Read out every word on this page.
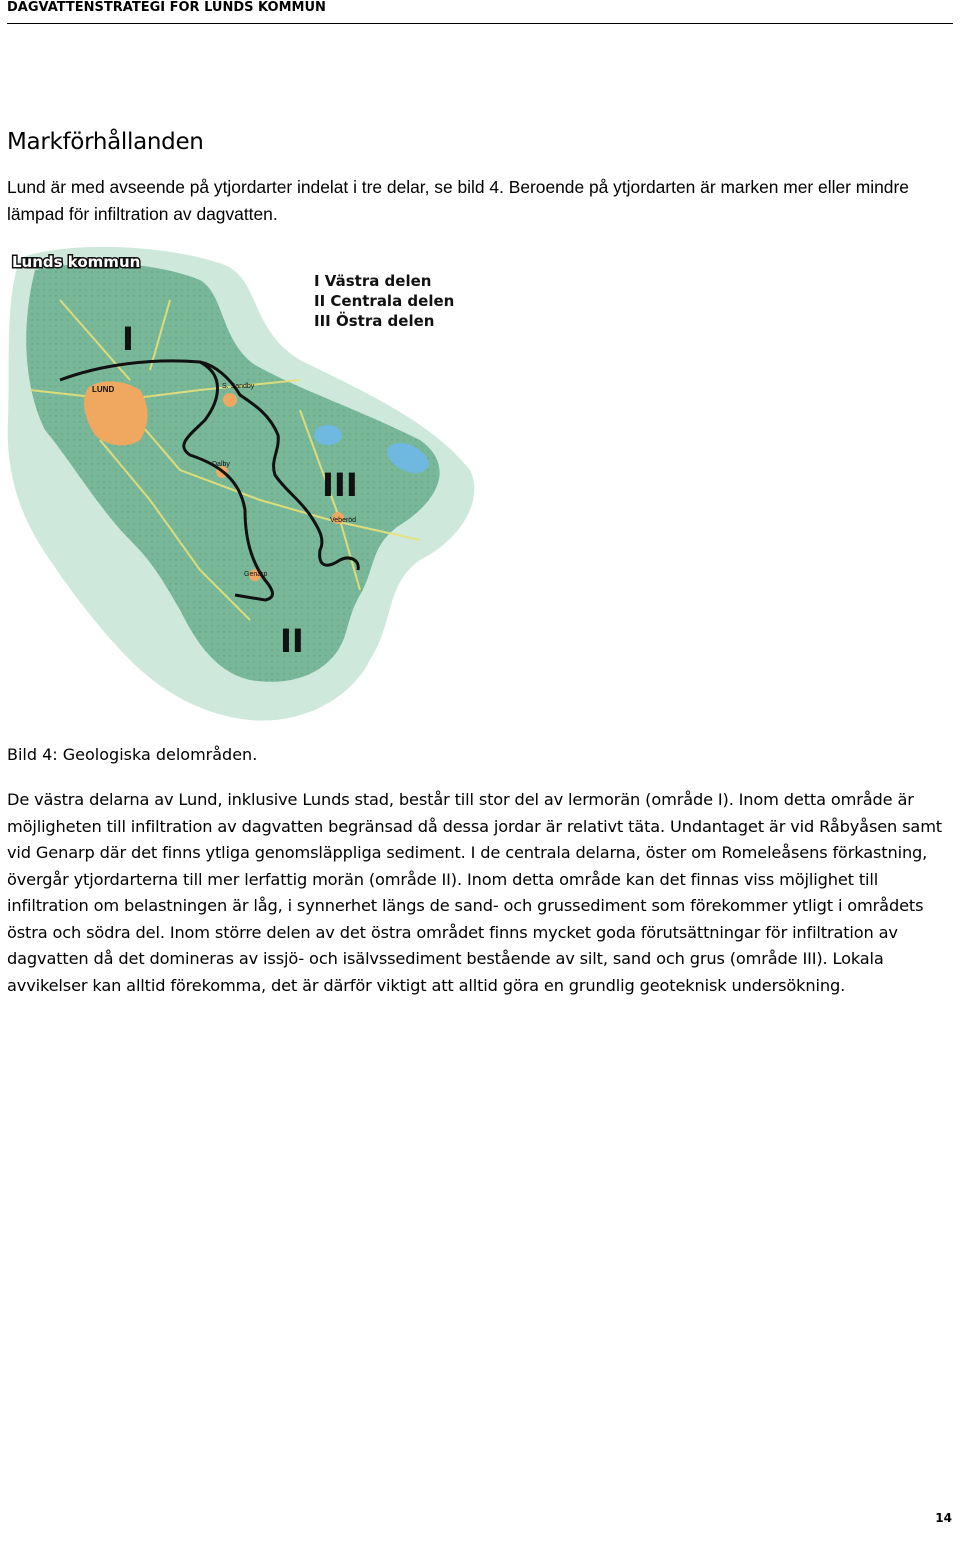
DAGVATTENSTRATEGI FÖR LUNDS KOMMUN
Markförhållanden

Lund är med avseende på ytjordarter indelat i tre delar, se bild 4. Beroende på ytjordarten är marken mer eller mindre lämpad för infiltration av dagvatten.

Lunds kommun
I Västra delen
II Centrala delen
III Östra delen
I
II
III
LUND	S. Sandby
Dalby
Veberöd
Genarp
Bild 4: Geologiska delområden.

De västra delarna av Lund, inklusive Lunds stad, består till stor del av lermorän (område I). Inom detta område är möjligheten till infiltration av dagvatten begränsad då dessa jordar är relativt täta. Undantaget är vid Råbyåsen samt vid Genarp där det finns ytliga genomsläppliga sediment. I de centrala delarna, öster om Romeleåsens förkastning, övergår ytjordarterna till mer lerfattig morän (område II). Inom detta område kan det finnas viss möjlighet till infiltration om belastningen är låg, i synnerhet längs de sand- och grussediment som förekommer ytligt i områdets östra och södra del. Inom större delen av det östra området finns mycket goda förutsättningar för infiltration av dagvatten då det domineras av issjö- och isälvssediment bestående av silt, sand och grus (område III). Lokala avvikelser kan alltid förekomma, det är därför viktigt att alltid göra en grundlig geoteknisk undersökning.

14
